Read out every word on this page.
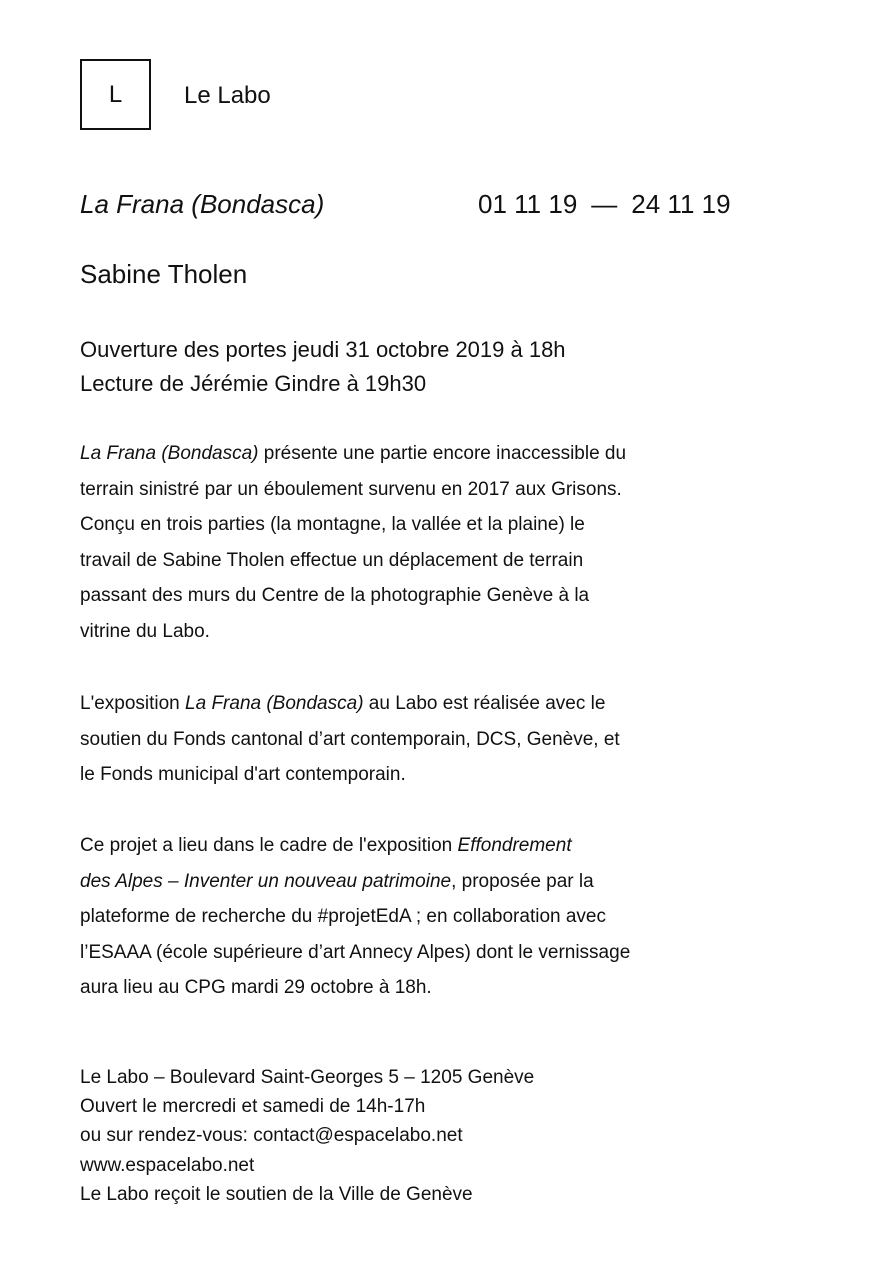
L	Le Labo
La Frana (Bondasca)	01 11 19 — 24 11 19
Sabine Tholen
Ouverture des portes jeudi 31 octobre 2019 à 18h
Lecture de Jérémie Gindre à 19h30
La Frana (Bondasca) présente une partie encore inaccessible du
terrain sinistré par un éboulement survenu en 2017 aux Grisons.
Conçu en trois parties (la montagne, la vallée et la plaine) le
travail de Sabine Tholen effectue un déplacement de terrain
passant des murs du Centre de la photographie Genève à la
vitrine du Labo.
L'exposition La Frana (Bondasca) au Labo est réalisée avec le
soutien du Fonds cantonal d’art contemporain, DCS, Genève, et
le Fonds municipal d'art contemporain.
Ce projet a lieu dans le cadre de l'exposition Effondrement
des Alpes – Inventer un nouveau patrimoine, proposée par la
plateforme de recherche du #projetEdA ; en collaboration avec
l’ESAAA (école supérieure d’art Annecy Alpes) dont le vernissage
aura lieu au CPG mardi 29 octobre à 18h.
Le Labo – Boulevard Saint-Georges 5 – 1205 Genève
Ouvert le mercredi et samedi de 14h-17h
ou sur rendez-vous: contact@espacelabo.net
www.espacelabo.net
Le Labo reçoit le soutien de la Ville de Genève
